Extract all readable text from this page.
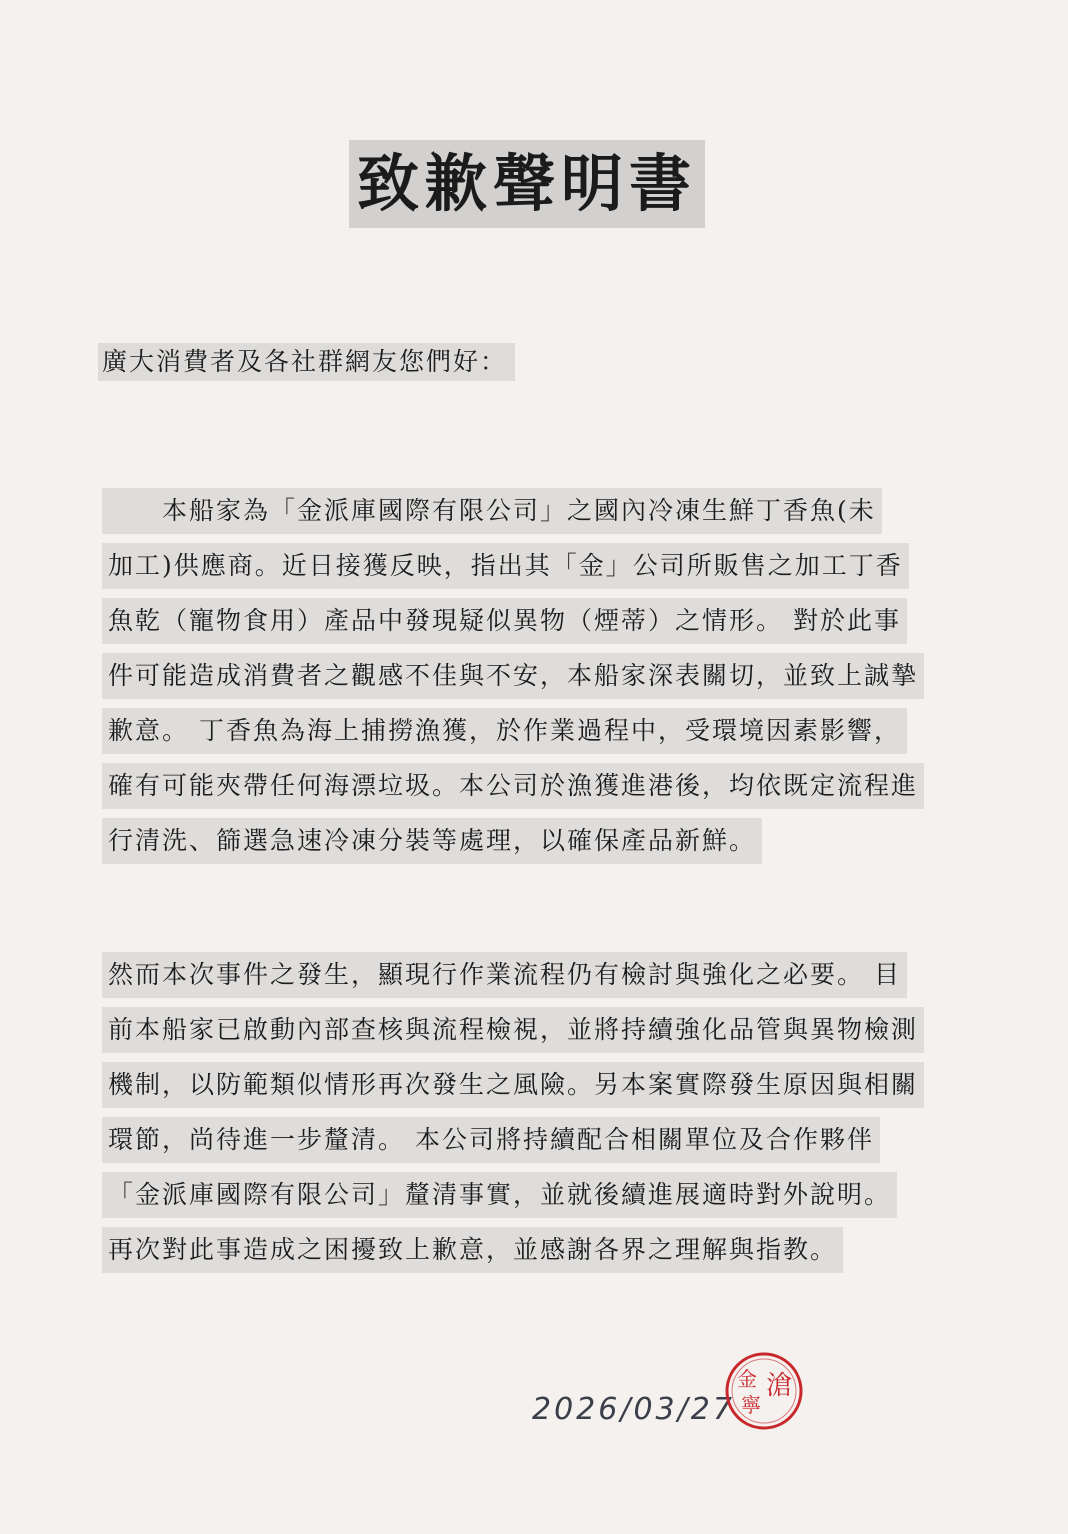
致歉聲明書
廣大消費者及各社群網友您們好：
　　本船家為「金派庫國際有限公司」之國內冷凍生鮮丁香魚(未
加工)供應商。近日接獲反映，指出其「金」公司所販售之加工丁香
魚乾（寵物食用）產品中發現疑似異物（煙蒂）之情形。 對於此事
件可能造成消費者之觀感不佳與不安，本船家深表關切，並致上誠摯
歉意。 丁香魚為海上捕撈漁獲，於作業過程中，受環境因素影響，
確有可能夾帶任何海漂垃圾。本公司於漁獲進港後，均依既定流程進
行清洗、篩選急速冷凍分裝等處理，以確保產品新鮮。
然而本次事件之發生，顯現行作業流程仍有檢討與強化之必要。 目
前本船家已啟動內部查核與流程檢視，並將持續強化品管與異物檢測
機制，以防範類似情形再次發生之風險。另本案實際發生原因與相關
環節，尚待進一步釐清。 本公司將持續配合相關單位及合作夥伴
「金派庫國際有限公司」釐清事實，並就後續進展適時對外說明。
再次對此事造成之困擾致上歉意，並感謝各界之理解與指教。
2026/03/27
金 滄
寧
